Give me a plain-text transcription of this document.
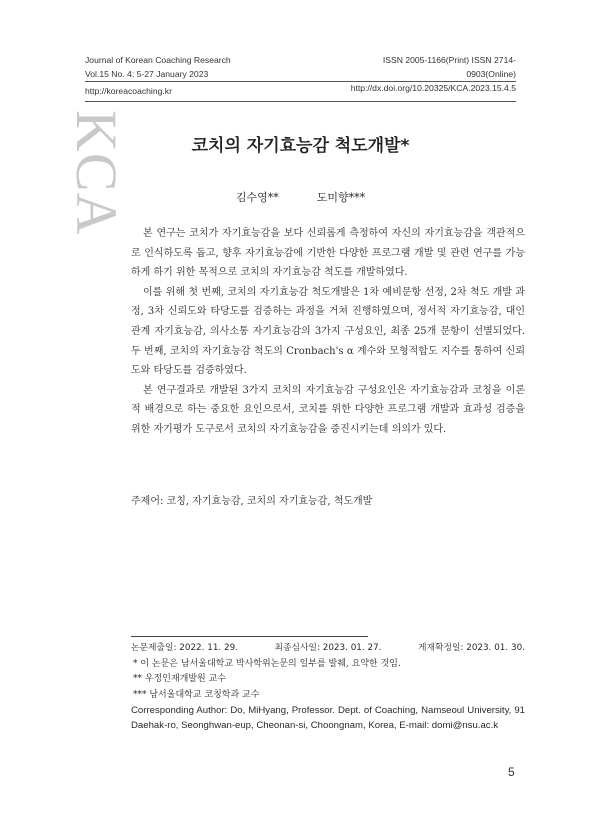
Journal of Korean Coaching Research
Vol.15 No. 4: 5-27 January 2023
ISSN 2005-1166(Print) ISSN 2714-0903(Online)
http://dx.doi.org/10.20325/KCA.2023.15.4.5
http://koreacoaching.kr
KCA	코치의 자기효능감 척도개발*
김수영**	도미향***

본 연구는 코치가 자기효능감을 보다 신뢰롭게 측정하여 자신의 자기효능감을 객관적으로 인식하도록 돕고, 향후 자기효능감에 기반한 다양한 프로그램 개발 및 관련 연구를 가능하게 하기 위한 목적으로 코치의 자기효능감 척도를 개발하였다.

이를 위해 첫 번째, 코치의 자기효능감 척도개발은 1차 예비문항 선정, 2차 척도 개발 과정, 3차 신뢰도와 타당도를 검증하는 과정을 거쳐 진행하였으며, 정서적 자기효능감, 대인관계 자기효능감, 의사소통 자기효능감의 3가지 구성요인, 최종 25개 문항이 선별되었다. 두 번째, 코치의 자기효능감 척도의 Cronbach's α 계수와 모형적합도 지수를 통하여 신뢰도와 타당도를 검증하였다.

본 연구결과로 개발된 3가지 코치의 자기효능감 구성요인은 자기효능감과 코칭을 이론적 배경으로 하는 중요한 요인으로서, 코치를 위한 다양한 프로그램 개발과 효과성 검증을 위한 자기평가 도구로서 코치의 자기효능감을 증진시키는데 의의가 있다.

주제어: 코칭, 자기효능감, 코치의 자기효능감, 척도개발
논문제출일: 2022. 11. 29.	최종심사일: 2023. 01. 27.	게재확정일: 2023. 01. 30.
* 이 논문은 남서울대학교 박사학위논문의 일부를 발췌, 요약한 것임.
** 우정인재개발원 교수
*** 남서울대학교 코칭학과 교수
Corresponding Author: Do, MiHyang, Professor. Dept. of Coaching, Namseoul University, 91 Daehak-ro, Seonghwan-eup, Cheonan-si, Choongnam, Korea, E-mail: domi@nsu.ac.k
5
